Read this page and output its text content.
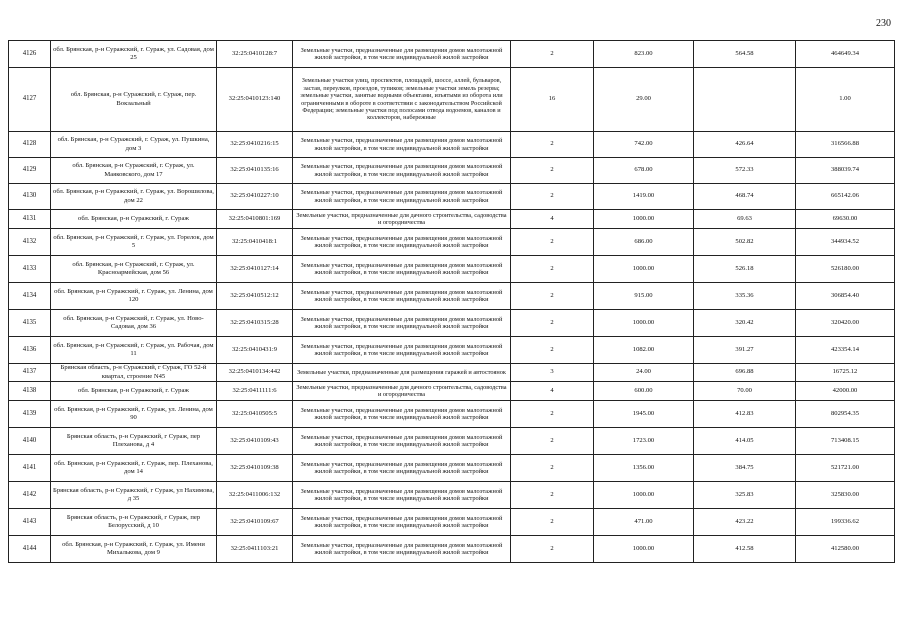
230
4126	обл. Брянская, р-н Суражский, г. Сураж, ул. Садовая, дом 25	32:25:0410128:7	Земельные участки, предназначенные для размещения домов малоэтажной жилой застройки, в том числе индивидуальной жилой застройки	2	823.00	564.58	464649.34
4127	обл. Брянская, р-н Суражский, г. Сураж, пер. Вокзальный	32:25:0410123:140	Земельные участки улиц, проспектов, площадей, шоссе, аллей, бульваров, застав, переулков, проездов, тупиков; земельные участки земель резерва; земельные участки, занятые водными объектами, изъятыми из оборота или ограниченными в обороте в соответствии с законодательством Российской Федерации; земельные участки под полосами отвода водоемов, каналов и коллекторов, набережные	16	29.00		1.00
4128	обл. Брянская, р-н Суражский, г. Сураж, ул. Пушкина, дом 3	32:25:0410216:15	Земельные участки, предназначенные для размещения домов малоэтажной жилой застройки, в том числе индивидуальной жилой застройки	2	742.00	426.64	316566.88
4129	обл. Брянская, р-н Суражский, г. Сураж, ул. Маяковского, дом 17	32:25:0410135:16	Земельные участки, предназначенные для размещения домов малоэтажной жилой застройки, в том числе индивидуальной жилой застройки	2	678.00	572.33	388039.74
4130	обл. Брянская, р-н Суражский, г. Сураж, ул. Ворошилова, дом 22	32:25:0410227:10	Земельные участки, предназначенные для размещения домов малоэтажной жилой застройки, в том числе индивидуальной жилой застройки	2	1419.00	468.74	665142.06
4131	обл. Брянская, р-н Суражский, г. Сураж	32:25:0410801:169	Земельные участки, предназначенные для дачного строительства, садоводства и огородничества	4	1000.00	69.63	69630.00
4132	обл. Брянская, р-н Суражский, г. Сураж, ул. Горелок, дом 5	32:25:0410418:1	Земельные участки, предназначенные для размещения домов малоэтажной жилой застройки, в том числе индивидуальной жилой застройки	2	686.00	502.82	344934.52
4133	обл. Брянская, р-н Суражский, г. Сураж, ул. Красноармейская, дом 56	32:25:0410127:14	Земельные участки, предназначенные для размещения домов малоэтажной жилой застройки, в том числе индивидуальной жилой застройки	2	1000.00	526.18	526180.00
4134	обл. Брянская, р-н Суражский, г. Сураж, ул. Ленина, дом 120	32:25:0410512:12	Земельные участки, предназначенные для размещения домов малоэтажной жилой застройки, в том числе индивидуальной жилой застройки	2	915.00	335.36	306854.40
4135	обл. Брянская, р-н Суражский, г. Сураж, ул. Ново-Садовая, дом 36	32:25:0410315:28	Земельные участки, предназначенные для размещения домов малоэтажной жилой застройки, в том числе индивидуальной жилой застройки	2	1000.00	320.42	320420.00
4136	обл. Брянская, р-н Суражский, г. Сураж, ул. Рабочая, дом 11	32:25:0410431:9	Земельные участки, предназначенные для размещения домов малоэтажной жилой застройки, в том числе индивидуальной жилой застройки	2	1082.00	391.27	423354.14
4137	Брянская область, р-н Суражский, г Сураж, ГО 52-й квартал, строение N45	32:25:0410134:442	Земельные участки, предназначенные для размещения гаражей и автостоянок	3	24.00	696.88	16725.12
4138	обл. Брянская, р-н Суражский, г. Сураж	32:25:0411111:6	Земельные участки, предназначенные для дачного строительства, садоводства и огородничества	4	600.00	70.00	42000.00
4139	обл. Брянская, р-н Суражский, г. Сураж, ул. Ленина, дом 90	32:25:0410505:5	Земельные участки, предназначенные для размещения домов малоэтажной жилой застройки, в том числе индивидуальной жилой застройки	2	1945.00	412.83	802954.35
4140	Брянская область, р-н Суражский, г Сураж, пер Плеханова, д 4	32:25:0410109:43	Земельные участки, предназначенные для размещения домов малоэтажной жилой застройки, в том числе индивидуальной жилой застройки	2	1723.00	414.05	713408.15
4141	обл. Брянская, р-н Суражский, г. Сураж, пер. Плеханова, дом 14	32:25:0410109:38	Земельные участки, предназначенные для размещения домов малоэтажной жилой застройки, в том числе индивидуальной жилой застройки	2	1356.00	384.75	521721.00
4142	Брянская область, р-н Суражский, г Сураж, ул Нахимова, д 35	32:25:0411006:132	Земельные участки, предназначенные для размещения домов малоэтажной жилой застройки, в том числе индивидуальной жилой застройки	2	1000.00	325.83	325830.00
4143	Брянская область, р-н Суражский, г Сураж, пер Белорусский, д 10	32:25:0410109:67	Земельные участки, предназначенные для размещения домов малоэтажной жилой застройки, в том числе индивидуальной жилой застройки	2	471.00	423.22	199336.62
4144	обл. Брянская, р-н Суражский, г. Сураж, ул. Имени Михалькова, дом 9	32:25:0411103:21	Земельные участки, предназначенные для размещения домов малоэтажной жилой застройки, в том числе индивидуальной жилой застройки	2	1000.00	412.58	412580.00
